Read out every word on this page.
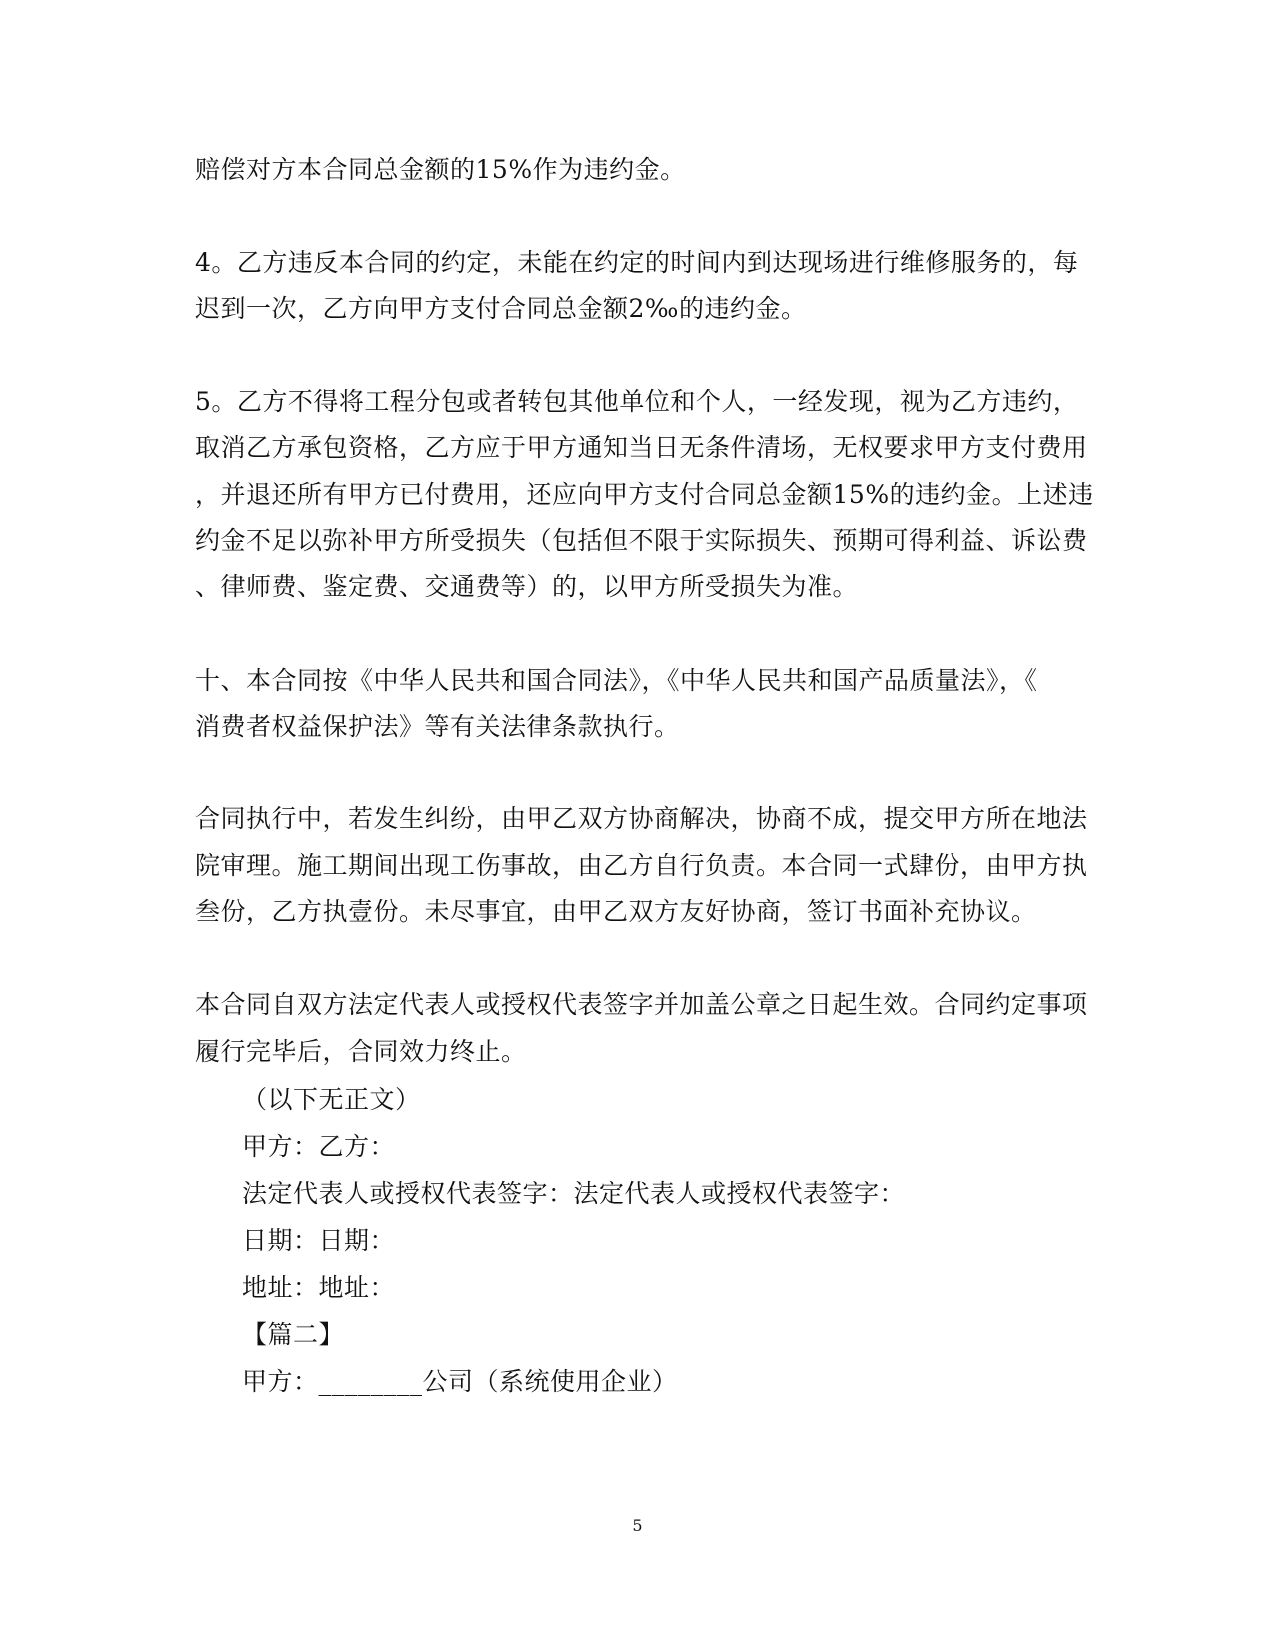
赔偿对方本合同总金额的15%作为违约金。
4。乙方违反本合同的约定，未能在约定的时间内到达现场进行维修服务的，每
迟到一次，乙方向甲方支付合同总金额2‰的违约金。
5。乙方不得将工程分包或者转包其他单位和个人，一经发现，视为乙方违约，
取消乙方承包资格，乙方应于甲方通知当日无条件清场，无权要求甲方支付费用
，并退还所有甲方已付费用，还应向甲方支付合同总金额15%的违约金。上述违
约金不足以弥补甲方所受损失（包括但不限于实际损失、预期可得利益、诉讼费
、律师费、鉴定费、交通费等）的，以甲方所受损失为准。
十、本合同按《中华人民共和国合同法》，《中华人民共和国产品质量法》，《
消费者权益保护法》等有关法律条款执行。
合同执行中，若发生纠纷，由甲乙双方协商解决，协商不成，提交甲方所在地法
院审理。施工期间出现工伤事故，由乙方自行负责。本合同一式肆份，由甲方执
叁份，乙方执壹份。未尽事宜，由甲乙双方友好协商，签订书面补充协议。
本合同自双方法定代表人或授权代表签字并加盖公章之日起生效。合同约定事项
履行完毕后，合同效力终止。
（以下无正文）
甲方：乙方：
法定代表人或授权代表签字：法定代表人或授权代表签字：
日期：日期：
地址：地址：
【篇二】
甲方：________公司（系统使用企业）
5
